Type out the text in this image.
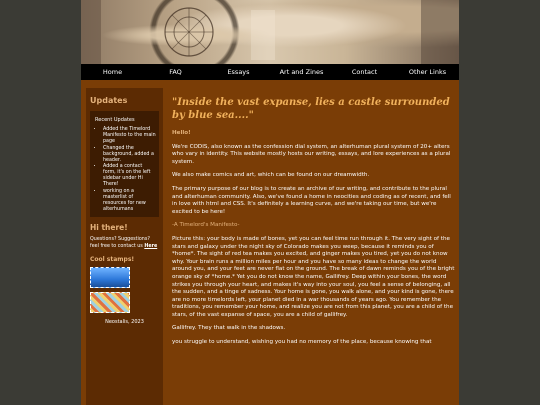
Home	FAQ	Essays	Art and Zines	Contact	Other Links
Updates
Recent Updates
• Added the Timelord Manifesto to the main page
• Changed the background, added a header.
• Added a contact form, it's on the left sidebar under Hi There!
• working on a masterlist of resources for new alterhumans
Hi there!
Questions? Suggestions? feel free to contact us Here
Cool stamps!
Neostalis, 2023
"Inside the vast expanse, lies a castle surrounded by blue sea...."

Hello!

We're CODIS, also known as the confession dial system, an alterhuman plural system of 20+ alters who vary in identity. This website mostly hosts our writing, essays, and lore experiences as a plural system.

We also make comics and art, which can be found on our dreamwidth.

The primary purpose of our blog is to create an archive of our writing, and contribute to the plural and alterhuman community. Also, we've found a home in neocities and coding as of recent, and fell in love with html and CSS. It's definitely a learning curve, and we're taking our time, but we're excited to be here!

-A Timelord's Manifesto-

Picture this: your body is made of bones, yet you can feel time run through it. The very sight of the stars and galaxy under the night sky of Colorado makes you weep, because it reminds you of *home*. The sight of red tea makes you excited, and ginger makes you tired, yet you do not know why. Your brain runs a million miles per hour and you have so many ideas to change the world around you, and your feet are never flat on the ground. The break of dawn reminds you of the bright orange sky of *home.* Yet you do not know the name, Gallifrey. Deep within your bones, the word strikes you through your heart, and makes it's way into your soul, you feel a sense of belonging, all the sudden, and a tinge of sadness. Your home is gone, you walk alone, and your kind is gone, there are no more timelords left, your planet died in a war thousands of years ago. You remember the traditions, you remember your home, and realize you are not from this planet, you are a child of the stars, of the vast expanse of space, you are a child of gallifrey.

Gallifrey. They that walk in the shadows.

you struggle to understand, wishing you had no memory of the place, because knowing that
